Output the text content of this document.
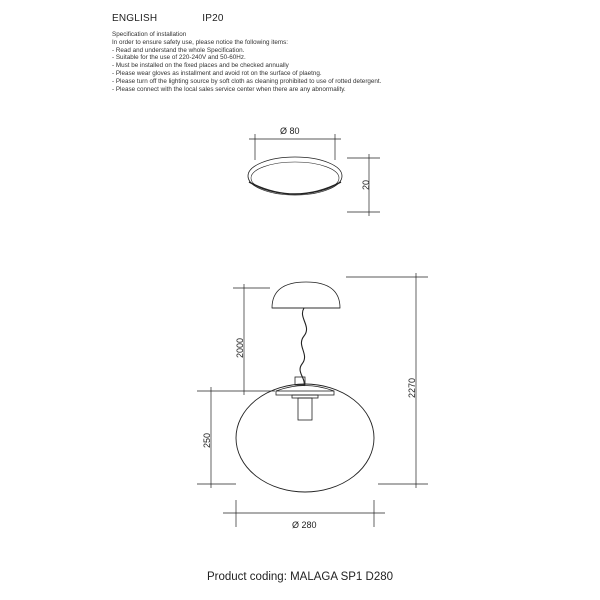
ENGLISH	IP20
Specification of installation
In order to ensure safety use, please notice the following items:
- Read and understand the whole Specification.
- Suitable for the use of 220-240V and 50-60Hz.
- Must be installed on the fixed places and be checked annually
- Please wear gloves as installment and avoid rot on the surface of plaetng.
- Please turn off the lighting source by soft cloth as cleaning prohibited to use of rotted detergent.
- Please connect with the local sales service center when there are any abnormality.
Ø 80
20
2000
250
2270
Ø 280
Product coding: MALAGA SP1 D280
